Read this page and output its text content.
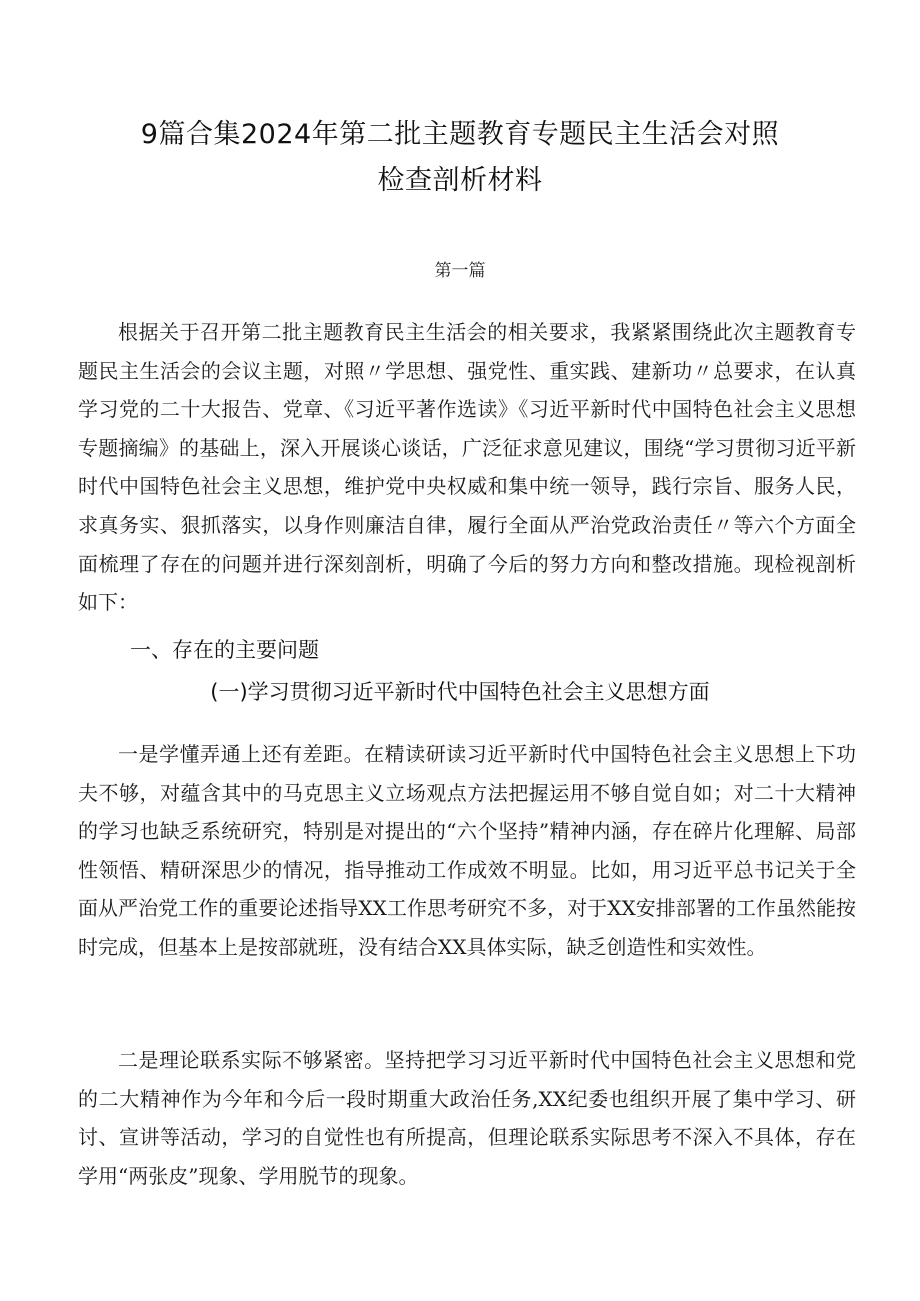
9篇合集2024年第二批主题教育专题民主生活会对照
检查剖析材料
第一篇

根据关于召开第二批主题教育民主生活会的相关要求，我紧紧围绕此次主题教育专题民主生活会的会议主题，对照〃学思想、强党性、重实践、建新功〃总要求，在认真学习党的二十大报告、党章、《习近平著作选读》《习近平新时代中国特色社会主义思想专题摘编》的基础上，深入开展谈心谈话，广泛征求意见建议，围绕“学习贯彻习近平新时代中国特色社会主义思想，维护党中央权威和集中统一领导，践行宗旨、服务人民，求真务实、狠抓落实，以身作则廉洁自律，履行全面从严治党政治责任〃等六个方面全面梳理了存在的问题并进行深刻剖析，明确了今后的努力方向和整改措施。现检视剖析如下：

一、存在的主要问题
(一)学习贯彻习近平新时代中国特色社会主义思想方面

一是学懂弄通上还有差距。在精读研读习近平新时代中国特色社会主义思想上下功夫不够，对蕴含其中的马克思主义立场观点方法把握运用不够自觉自如；对二十大精神的学习也缺乏系统研究，特别是对提出的“六个坚持”精神内涵，存在碎片化理解、局部性领悟、精研深思少的情况，指导推动工作成效不明显。比如，用习近平总书记关于全面从严治党工作的重要论述指导XX工作思考研究不多，对于XX安排部署的工作虽然能按时完成，但基本上是按部就班，没有结合XX具体实际，缺乏创造性和实效性。

二是理论联系实际不够紧密。坚持把学习习近平新时代中国特色社会主义思想和党的二大精神作为今年和今后一段时期重大政治任务,XX纪委也组织开展了集中学习、研讨、宣讲等活动，学习的自觉性也有所提高，但理论联系实际思考不深入不具体，存在学用“两张皮”现象、学用脱节的现象。
